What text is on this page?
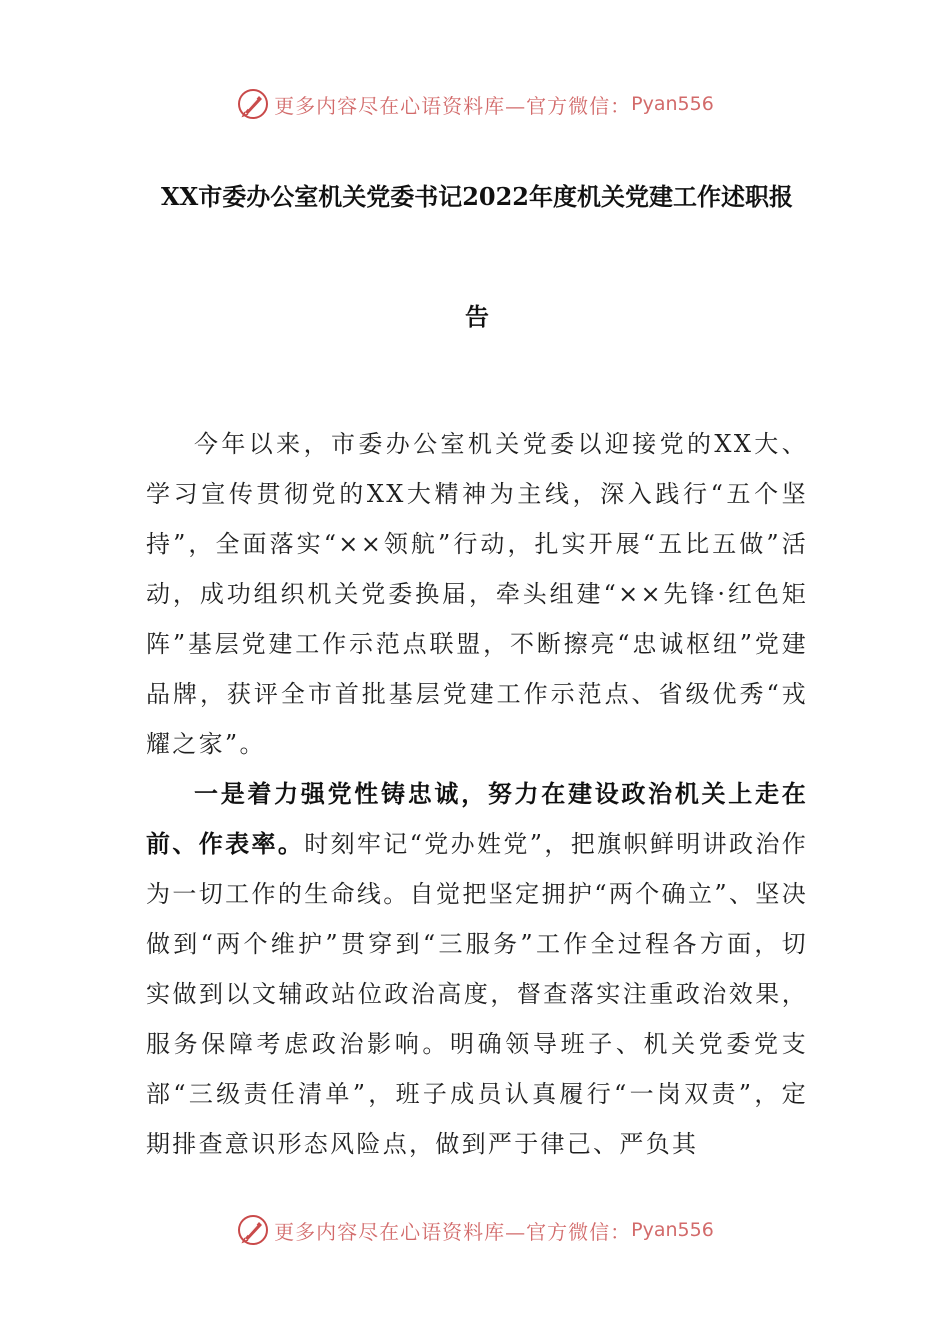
更多内容尽在心语资料库—官方微信： Pyan556
XX市委办公室机关党委书记2022年度机关党建工作述职报
告

今年以来，市委办公室机关党委以迎接党的XX大、学习宣传贯彻党的XX大精神为主线，深入践行“五个坚持”，全面落实“××领航”行动，扎实开展“五比五做”活动，成功组织机关党委换届，牵头组建“××先锋·红色矩阵”基层党建工作示范点联盟，不断擦亮“忠诚枢纽”党建品牌，获评全市首批基层党建工作示范点、省级优秀“戎耀之家”。

一是着力强党性铸忠诚，努力在建设政治机关上走在前、作表率。时刻牢记“党办姓党”，把旗帜鲜明讲政治作为一切工作的生命线。自觉把坚定拥护“两个确立”、坚决做到“两个维护”贯穿到“三服务”工作全过程各方面，切实做到以文辅政站位政治高度，督查落实注重政治效果，服务保障考虑政治影响。明确领导班子、机关党委党支部“三级责任清单”，班子成员认真履行“一岗双责”，定期排查意识形态风险点，做到严于律己、严负其

更多内容尽在心语资料库—官方微信： Pyan556
